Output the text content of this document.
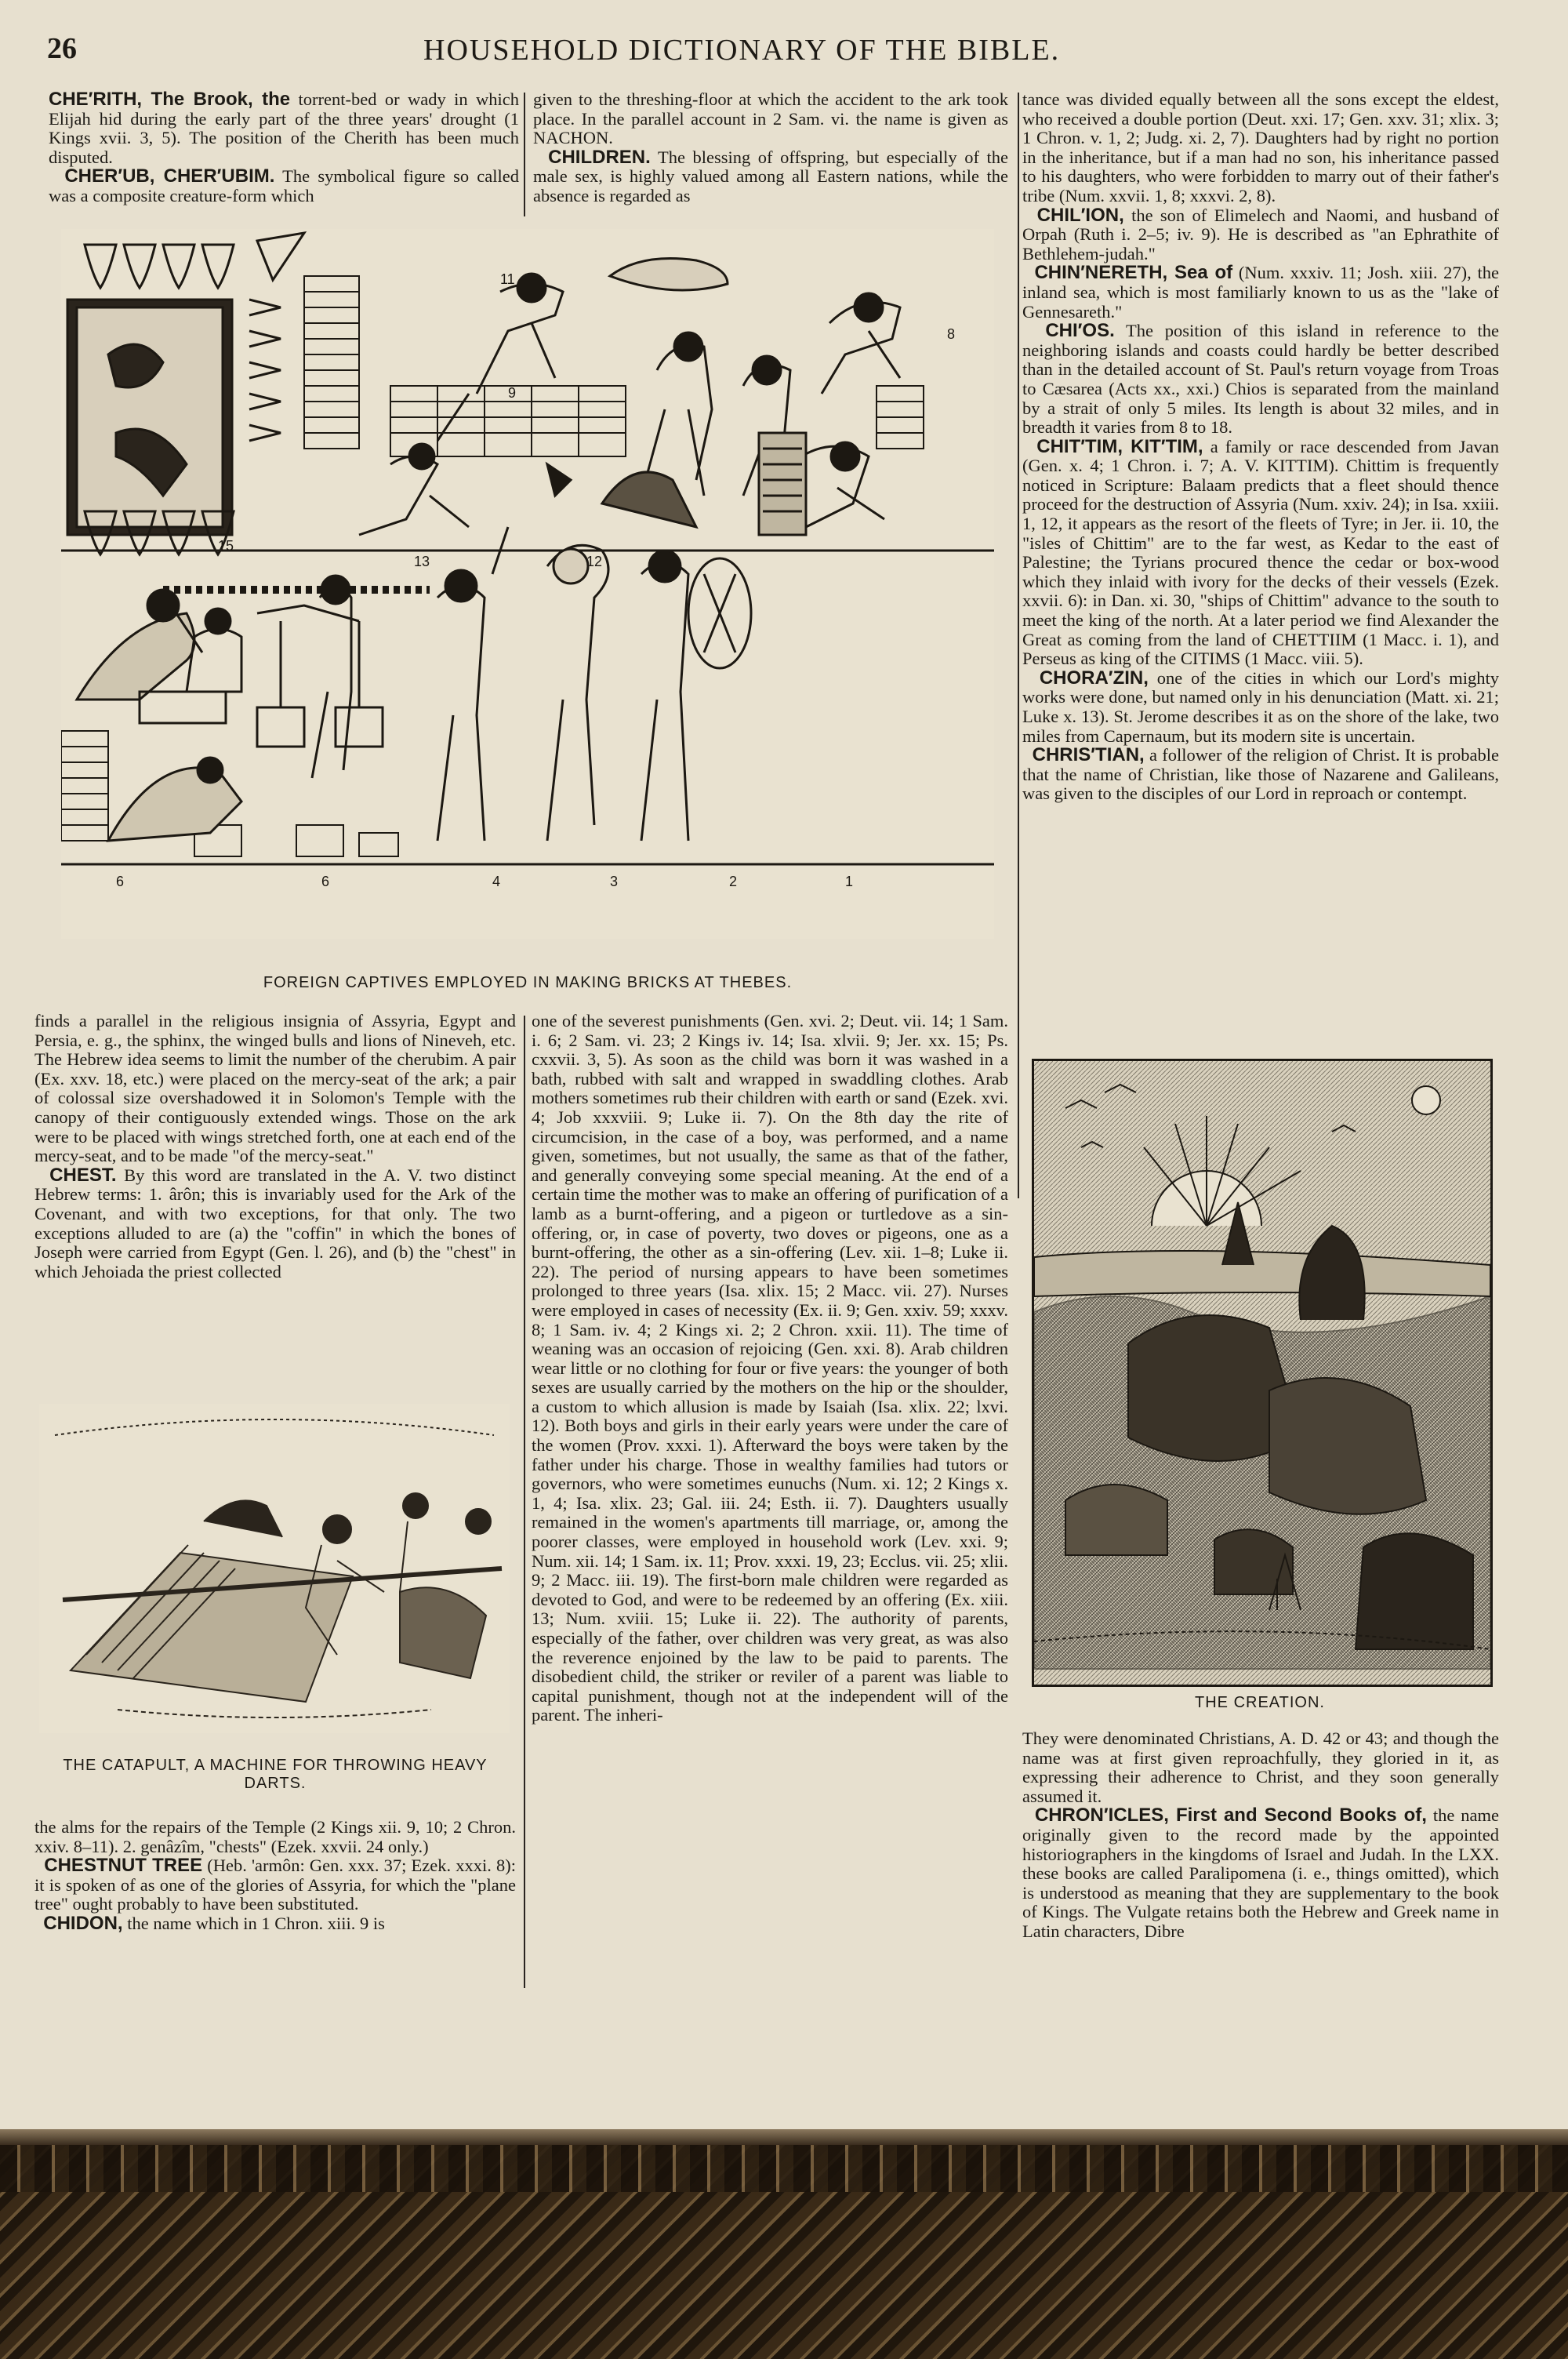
26	HOUSEHOLD DICTIONARY OF THE BIBLE.

CHE′RITH, The Brook, the torrent-bed or wady in which Elijah hid during the early part of the three years' drought (1 Kings xvii. 3, 5). The position of the Cherith has been much disputed.

CHER′UB, CHER′UBIM. The symbolical figure so called was a composite creature-form which

given to the threshing-floor at which the accident to the ark took place. In the parallel account in 2 Sam. vi. the name is given as NACHON.

CHILDREN. The blessing of offspring, but especially of the male sex, is highly valued among all Eastern nations, while the absence is regarded as

6	6	4	3	2	1
13	12
15
11
9
8
FOREIGN CAPTIVES EMPLOYED IN MAKING BRICKS AT THEBES.

finds a parallel in the religious insignia of Assyria, Egypt and Persia, e. g., the sphinx, the winged bulls and lions of Nineveh, etc. The Hebrew idea seems to limit the number of the cherubim. A pair (Ex. xxv. 18, etc.) were placed on the mercy-seat of the ark; a pair of colossal size overshadowed it in Solomon's Temple with the canopy of their contiguously extended wings. Those on the ark were to be placed with wings stretched forth, one at each end of the mercy-seat, and to be made "of the mercy-seat."

CHEST. By this word are translated in the A. V. two distinct Hebrew terms: 1. ârôn; this is invariably used for the Ark of the Covenant, and with two exceptions, for that only. The two exceptions alluded to are (a) the "coffin" in which the bones of Joseph were carried from Egypt (Gen. l. 26), and (b) the "chest" in which Jehoiada the priest collected

THE CATAPULT, A MACHINE FOR THROWING HEAVY DARTS.

the alms for the repairs of the Temple (2 Kings xii. 9, 10; 2 Chron. xxiv. 8–11). 2. genâzîm, "chests" (Ezek. xxvii. 24 only.)

CHESTNUT TREE (Heb. 'armôn: Gen. xxx. 37; Ezek. xxxi. 8): it is spoken of as one of the glories of Assyria, for which the "plane tree" ought probably to have been substituted.

CHIDON, the name which in 1 Chron. xiii. 9 is

one of the severest punishments (Gen. xvi. 2; Deut. vii. 14; 1 Sam. i. 6; 2 Sam. vi. 23; 2 Kings iv. 14; Isa. xlvii. 9; Jer. xx. 15; Ps. cxxvii. 3, 5). As soon as the child was born it was washed in a bath, rubbed with salt and wrapped in swaddling clothes. Arab mothers sometimes rub their children with earth or sand (Ezek. xvi. 4; Job xxxviii. 9; Luke ii. 7). On the 8th day the rite of circumcision, in the case of a boy, was performed, and a name given, sometimes, but not usually, the same as that of the father, and generally conveying some special meaning. At the end of a certain time the mother was to make an offering of purification of a lamb as a burnt-offering, and a pigeon or turtledove as a sin-offering, or, in case of poverty, two doves or pigeons, one as a burnt-offering, the other as a sin-offering (Lev. xii. 1–8; Luke ii. 22). The period of nursing appears to have been sometimes prolonged to three years (Isa. xlix. 15; 2 Macc. vii. 27). Nurses were employed in cases of necessity (Ex. ii. 9; Gen. xxiv. 59; xxxv. 8; 1 Sam. iv. 4; 2 Kings xi. 2; 2 Chron. xxii. 11). The time of weaning was an occasion of rejoicing (Gen. xxi. 8). Arab children wear little or no clothing for four or five years: the younger of both sexes are usually carried by the mothers on the hip or the shoulder, a custom to which allusion is made by Isaiah (Isa. xlix. 22; lxvi. 12). Both boys and girls in their early years were under the care of the women (Prov. xxxi. 1). Afterward the boys were taken by the father under his charge. Those in wealthy families had tutors or governors, who were sometimes eunuchs (Num. xi. 12; 2 Kings x. 1, 4; Isa. xlix. 23; Gal. iii. 24; Esth. ii. 7). Daughters usually remained in the women's apartments till marriage, or, among the poorer classes, were employed in household work (Lev. xxi. 9; Num. xii. 14; 1 Sam. ix. 11; Prov. xxxi. 19, 23; Ecclus. vii. 25; xlii. 9; 2 Macc. iii. 19). The first-born male children were regarded as devoted to God, and were to be redeemed by an offering (Ex. xiii. 13; Num. xviii. 15; Luke ii. 22). The authority of parents, especially of the father, over children was very great, as was also the reverence enjoined by the law to be paid to parents. The disobedient child, the striker or reviler of a parent was liable to capital punishment, though not at the independent will of the parent. The inheri-

tance was divided equally between all the sons except the eldest, who received a double portion (Deut. xxi. 17; Gen. xxv. 31; xlix. 3; 1 Chron. v. 1, 2; Judg. xi. 2, 7). Daughters had by right no portion in the inheritance, but if a man had no son, his inheritance passed to his daughters, who were forbidden to marry out of their father's tribe (Num. xxvii. 1, 8; xxxvi. 2, 8).

CHIL′ION, the son of Elimelech and Naomi, and husband of Orpah (Ruth i. 2–5; iv. 9). He is described as "an Ephrathite of Bethlehem-judah."

CHIN′NERETH, Sea of (Num. xxxiv. 11; Josh. xiii. 27), the inland sea, which is most familiarly known to us as the "lake of Gennesareth."

CHI′OS. The position of this island in reference to the neighboring islands and coasts could hardly be better described than in the detailed account of St. Paul's return voyage from Troas to Cæsarea (Acts xx., xxi.) Chios is separated from the mainland by a strait of only 5 miles. Its length is about 32 miles, and in breadth it varies from 8 to 18.

CHIT′TIM, KIT′TIM, a family or race descended from Javan (Gen. x. 4; 1 Chron. i. 7; A. V. KITTIM). Chittim is frequently noticed in Scripture: Balaam predicts that a fleet should thence proceed for the destruction of Assyria (Num. xxiv. 24); in Isa. xxiii. 1, 12, it appears as the resort of the fleets of Tyre; in Jer. ii. 10, the "isles of Chittim" are to the far west, as Kedar to the east of Palestine; the Tyrians procured thence the cedar or box-wood which they inlaid with ivory for the decks of their vessels (Ezek. xxvii. 6): in Dan. xi. 30, "ships of Chittim" advance to the south to meet the king of the north. At a later period we find Alexander the Great as coming from the land of CHETTIIM (1 Macc. i. 1), and Perseus as king of the CITIMS (1 Macc. viii. 5).

CHORA′ZIN, one of the cities in which our Lord's mighty works were done, but named only in his denunciation (Matt. xi. 21; Luke x. 13). St. Jerome describes it as on the shore of the lake, two miles from Capernaum, but its modern site is uncertain.

CHRIS′TIAN, a follower of the religion of Christ. It is probable that the name of Christian, like those of Nazarene and Galileans, was given to the disciples of our Lord in reproach or contempt.

THE CREATION.

They were denominated Christians, A. D. 42 or 43; and though the name was at first given reproachfully, they gloried in it, as expressing their adherence to Christ, and they soon generally assumed it.

CHRON′ICLES, First and Second Books of, the name originally given to the record made by the appointed historiographers in the kingdoms of Israel and Judah. In the LXX. these books are called Paralipomena (i. e., things omitted), which is understood as meaning that they are supplementary to the book of Kings. The Vulgate retains both the Hebrew and Greek name in Latin characters, Dibre
